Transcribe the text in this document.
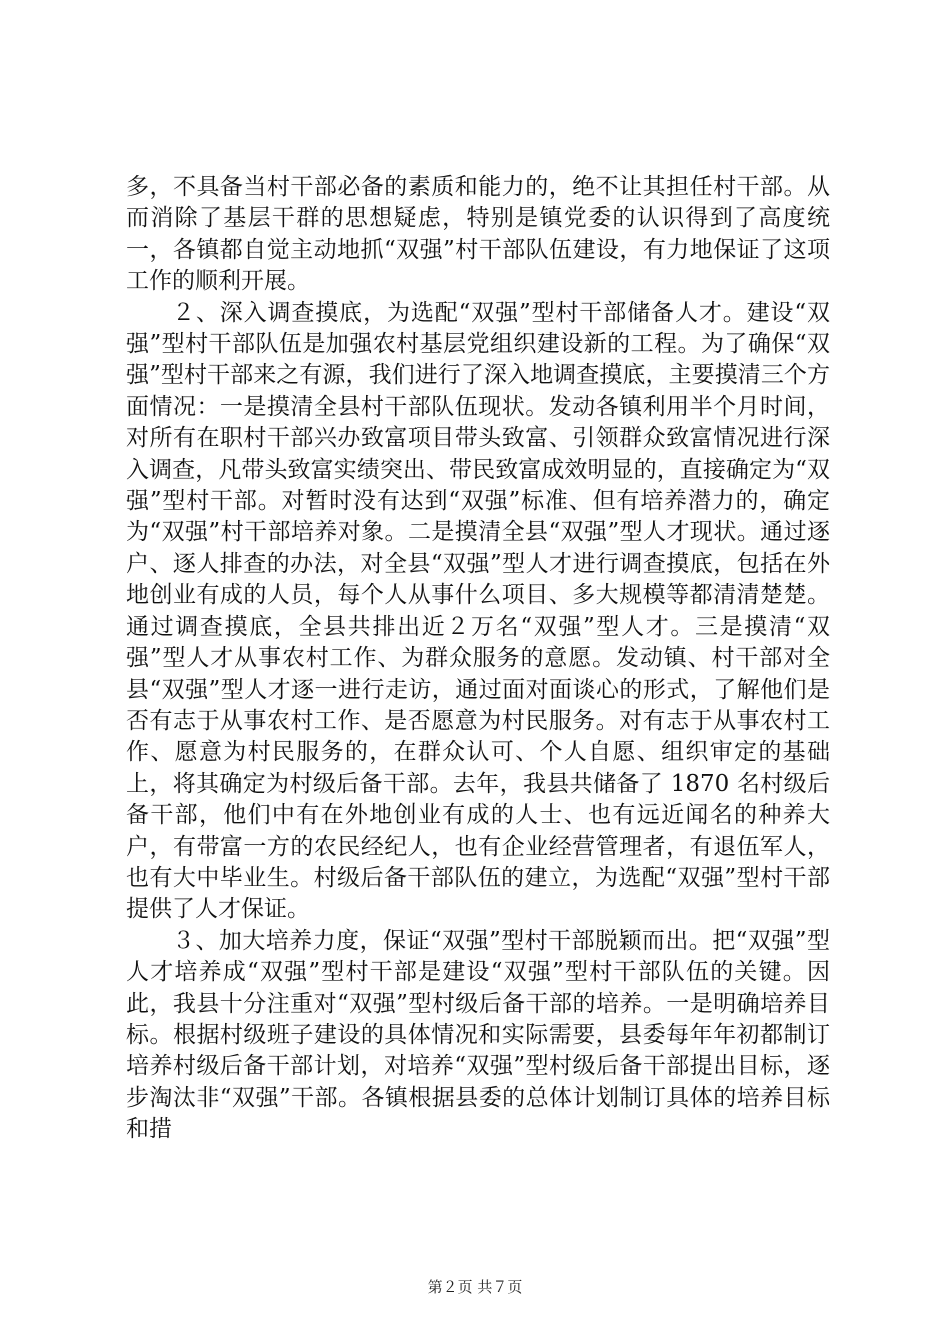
多，不具备当村干部必备的素质和能力的，绝不让其担任村干部。从而消除了基层干群的思想疑虑，特别是镇党委的认识得到了高度统一，各镇都自觉主动地抓“双强”村干部队伍建设，有力地保证了这项工作的顺利开展。

２、深入调查摸底，为选配“双强”型村干部储备人才。建设“双强”型村干部队伍是加强农村基层党组织建设新的工程。为了确保“双强”型村干部来之有源，我们进行了深入地调查摸底，主要摸清三个方面情况：一是摸清全县村干部队伍现状。发动各镇利用半个月时间，对所有在职村干部兴办致富项目带头致富、引领群众致富情况进行深入调查，凡带头致富实绩突出、带民致富成效明显的，直接确定为“双强”型村干部。对暂时没有达到“双强”标准、但有培养潜力的，确定为“双强”村干部培养对象。二是摸清全县“双强”型人才现状。通过逐户、逐人排查的办法，对全县“双强”型人才进行调查摸底，包括在外地创业有成的人员，每个人从事什么项目、多大规模等都清清楚楚。通过调查摸底，全县共排出近２万名“双强”型人才。三是摸清“双强”型人才从事农村工作、为群众服务的意愿。发动镇、村干部对全县“双强”型人才逐一进行走访，通过面对面谈心的形式，了解他们是否有志于从事农村工作、是否愿意为村民服务。对有志于从事农村工作、愿意为村民服务的，在群众认可、个人自愿、组织审定的基础上，将其确定为村级后备干部。去年，我县共储备了 1870 名村级后备干部，他们中有在外地创业有成的人士、也有远近闻名的种养大户，有带富一方的农民经纪人，也有企业经营管理者，有退伍军人，也有大中毕业生。村级后备干部队伍的建立，为选配“双强”型村干部提供了人才保证。

３、加大培养力度，保证“双强”型村干部脱颖而出。把“双强”型人才培养成“双强”型村干部是建设“双强”型村干部队伍的关键。因此，我县十分注重对“双强”型村级后备干部的培养。一是明确培养目标。根据村级班子建设的具体情况和实际需要，县委每年年初都制订培养村级后备干部计划，对培养“双强”型村级后备干部提出目标，逐步淘汰非“双强”干部。各镇根据县委的总体计划制订具体的培养目标和措

第２页 共７页
